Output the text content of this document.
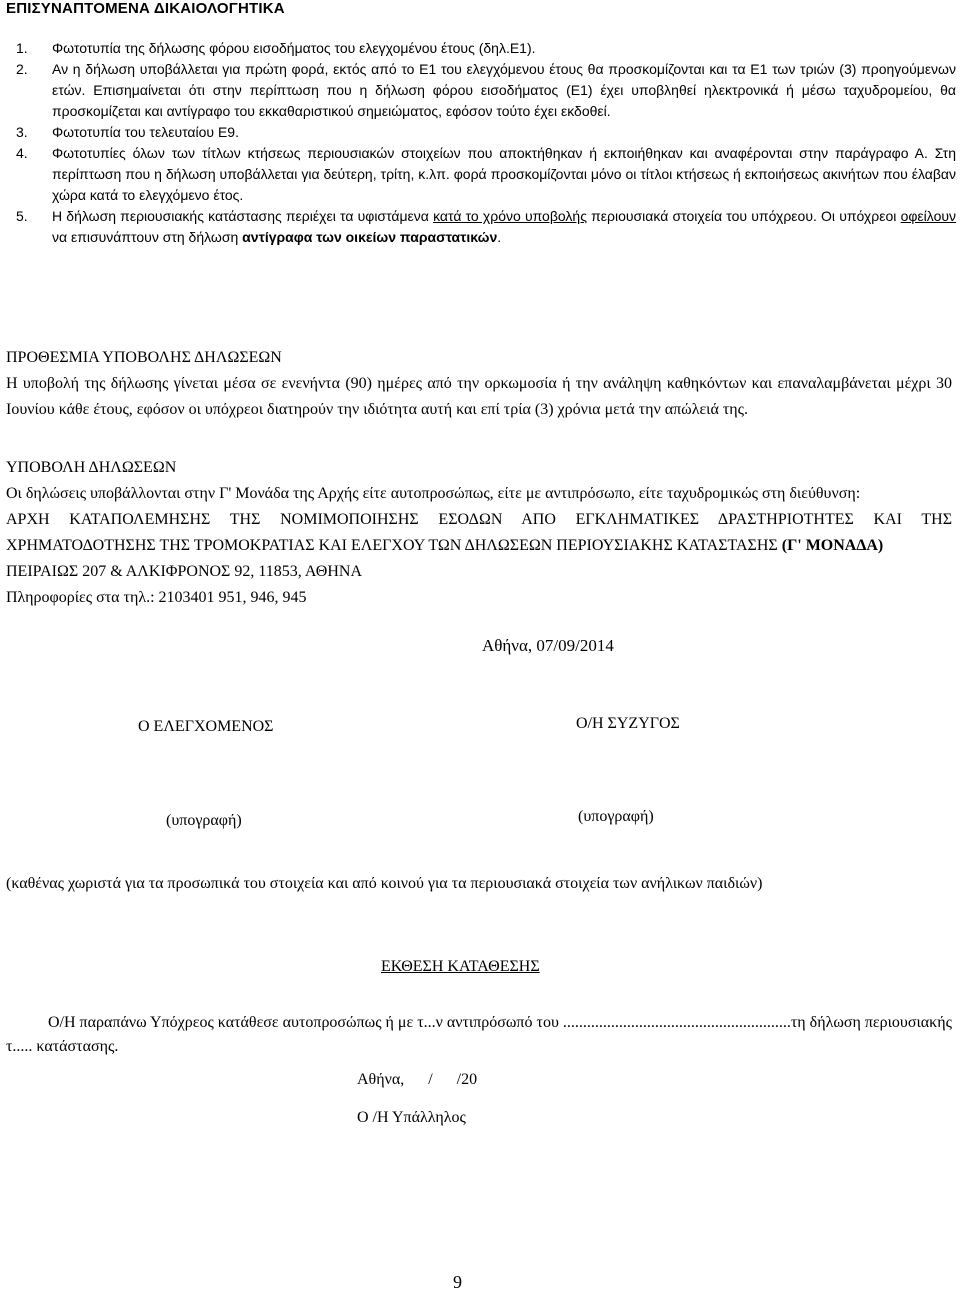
ΕΠΙΣΥΝΑΠΤΟΜΕΝΑ ΔΙΚΑΙΟΛΟΓΗΤΙΚΑ
1. Φωτοτυπία της δήλωσης φόρου εισοδήματος του ελεγχομένου έτους (δηλ.Ε1).
2. Αν η δήλωση υποβάλλεται για πρώτη φορά, εκτός από το Ε1 του ελεγχόμενου έτους θα προσκομίζονται και τα Ε1 των τριών (3) προηγούμενων ετών. Επισημαίνεται ότι στην περίπτωση που η δήλωση φόρου εισοδήματος (Ε1) έχει υποβληθεί ηλεκτρονικά ή μέσω ταχυδρομείου, θα προσκομίζεται και αντίγραφο του εκκαθαριστικού σημειώματος, εφόσον τούτο έχει εκδοθεί.
3. Φωτοτυπία του τελευταίου Ε9.
4. Φωτοτυπίες όλων των τίτλων κτήσεως περιουσιακών στοιχείων που αποκτήθηκαν ή εκποιήθηκαν και αναφέρονται στην παράγραφο Α. Στη περίπτωση που η δήλωση υποβάλλεται για δεύτερη, τρίτη, κ.λπ. φορά προσκομίζονται μόνο οι τίτλοι κτήσεως ή εκποιήσεως ακινήτων που έλαβαν χώρα κατά το ελεγχόμενο έτος.
5. Η δήλωση περιουσιακής κατάστασης περιέχει τα υφιστάμενα κατά το χρόνο υποβολής περιουσιακά στοιχεία του υπόχρεου. Οι υπόχρεοι οφείλουν να επισυνάπτουν στη δήλωση αντίγραφα των οικείων παραστατικών.
ΠΡΟΘΕΣΜΙΑ ΥΠΟΒΟΛΗΣ ΔΗΛΩΣΕΩΝ
Η υποβολή της δήλωσης γίνεται μέσα σε ενενήντα (90) ημέρες από την ορκωμοσία ή την ανάληψη καθηκόντων και επαναλαμβάνεται μέχρι 30 Ιουνίου κάθε έτους, εφόσον οι υπόχρεοι διατηρούν την ιδιότητα αυτή και επί τρία (3) χρόνια μετά την απώλειά της.
ΥΠΟΒΟΛΗ ΔΗΛΩΣΕΩΝ
Οι δηλώσεις υποβάλλονται στην Γ' Μονάδα της Αρχής είτε αυτοπροσώπως, είτε με αντιπρόσωπο, είτε ταχυδρομικώς στη διεύθυνση:
ΑΡΧΗ ΚΑΤΑΠΟΛΕΜΗΣΗΣ ΤΗΣ ΝΟΜΙΜΟΠΟΙΗΣΗΣ ΕΣΟΔΩΝ ΑΠΟ ΕΓΚΛΗΜΑΤΙΚΕΣ ΔΡΑΣΤΗΡΙΟΤΗΤΕΣ ΚΑΙ ΤΗΣ ΧΡΗΜΑΤΟΔΟΤΗΣΗΣ ΤΗΣ ΤΡΟΜΟΚΡΑΤΙΑΣ ΚΑΙ ΕΛΕΓΧΟΥ ΤΩΝ ΔΗΛΩΣΕΩΝ ΠΕΡΙΟΥΣΙΑΚΗΣ ΚΑΤΑΣΤΑΣΗΣ (Γ' ΜΟΝΑΔΑ)
ΠΕΙΡΑΙΩΣ 207 & ΑΛΚΙΦΡΟΝΟΣ 92, 11853, ΑΘΗΝΑ
Πληροφορίες στα τηλ.: 2103401 951, 946, 945
Αθήνα, 07/09/2014
Ο ΕΛΕΓΧΟΜΕΝΟΣ	Ο/Η ΣΥΖΥΓΟΣ
(υπογραφή)	(υπογραφή)
(καθένας χωριστά για τα προσωπικά του στοιχεία και από κοινού για τα περιουσιακά στοιχεία των ανήλικων παιδιών)
ΕΚΘΕΣΗ ΚΑΤΑΘΕΣΗΣ
Ο/Η παραπάνω Υπόχρεος κατάθεσε αυτοπροσώπως ή με τ...ν αντιπρόσωπό του .........................................................τη δήλωση περιουσιακής τ..... κατάστασης.
Αθήνα,      /      /20
Ο /Η Υπάλληλος
9
